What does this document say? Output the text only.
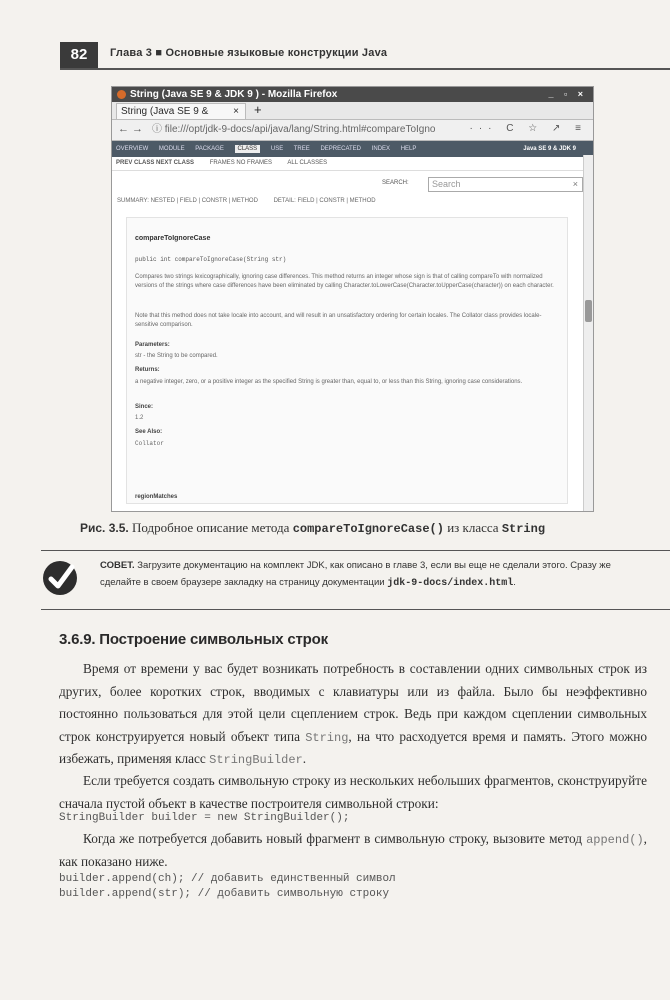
82	Глава 3 ■ Основные языковые конструкции Java
String (Java SE 9 & JDK 9 ) - Mozilla Firefox	_ ▫ ×
String (Java SE 9 & × +
← → ⓘ file:///opt/jdk-9-docs/api/java/lang/String.html#compareToIgno	··· C ☆ ↗ ≡
OVERVIEW MODULE PACKAGE CLASS USE TREE DEPRECATED INDEX HELP	Java SE 9 & JDK 9
PREV CLASS NEXT CLASS	FRAMES NO FRAMES	ALL CLASSES
SEARCH:	Search	×
SUMMARY: NESTED | FIELD | CONSTR | METHOD	DETAIL: FIELD | CONSTR | METHOD
compareToIgnoreCase
public int compareToIgnoreCase(String str)
Compares two strings lexicographically, ignoring case differences. This method returns an integer whose sign is that of calling compareTo with normalized versions of the strings where case differences have been eliminated by calling Character.toLowerCase(Character.toUpperCase(character)) on each character.
Note that this method does not take locale into account, and will result in an unsatisfactory ordering for certain locales. The Collator class provides locale-sensitive comparison.
Parameters:
str - the String to be compared.
Returns:
a negative integer, zero, or a positive integer as the specified String is greater than, equal to, or less than this String, ignoring case considerations.
Since:
1.2
See Also:
Collator
regionMatches
Рис. 3.5. Подробное описание метода compareToIgnoreCase() из класса String
СОВЕТ. Загрузите документацию на комплект JDK, как описано в главе 3, если вы еще не сделали этого. Сразу же сделайте в своем браузере закладку на страницу документации jdk-9-docs/index.html.
3.6.9. Построение символьных строк
Время от времени у вас будет возникать потребность в составлении одних символьных строк из других, более коротких строк, вводимых с клавиатуры или из файла. Было бы неэффективно постоянно пользоваться для этой цели сцеплением строк. Ведь при каждом сцеплении символьных строк конструируется новый объект типа String, на что расходуется время и память. Этого можно избежать, применяя класс StringBuilder.
Если требуется создать символьную строку из нескольких небольших фрагментов, сконструируйте сначала пустой объект в качестве построителя символьной строки:
StringBuilder builder = new StringBuilder();
Когда же потребуется добавить новый фрагмент в символьную строку, вызовите метод append(), как показано ниже.
builder.append(ch); // добавить единственный символ
builder.append(str); // добавить символьную строку
